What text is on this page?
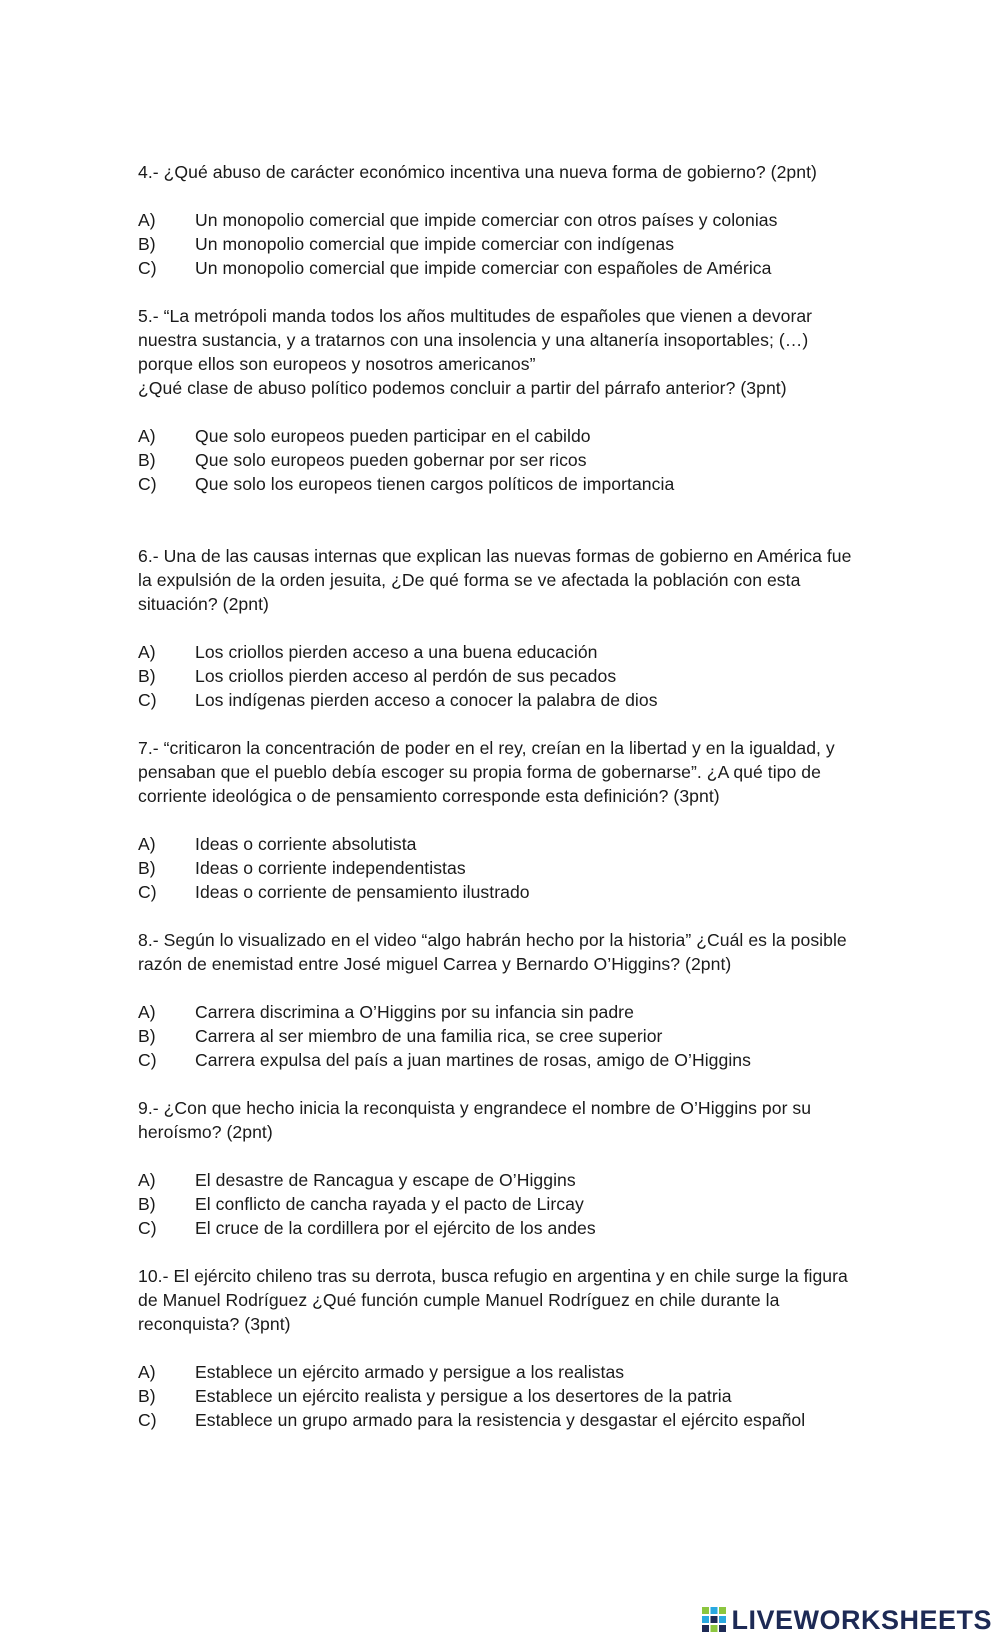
4.- ¿Qué abuso de carácter económico incentiva una nueva forma de gobierno? (2pnt)

A)	Un monopolio comercial que impide comerciar con otros países y colonias
B)	Un monopolio comercial que impide comerciar con indígenas
C)	Un monopolio comercial que impide comerciar con españoles de América

5.- “La metrópoli manda todos los años multitudes de españoles que vienen a devorar

nuestra sustancia, y a tratarnos con una insolencia y una altanería insoportables; (…)

porque ellos son europeos y nosotros americanos”

¿Qué clase de abuso político podemos concluir a partir del párrafo anterior? (3pnt)

A)	Que solo europeos pueden participar en el cabildo
B)	Que solo europeos pueden gobernar por ser ricos
C)	Que solo los europeos tienen cargos políticos de importancia

6.- Una de las causas internas que explican las nuevas formas de gobierno en América fue

la expulsión de la orden jesuita, ¿De qué forma se ve afectada la población con esta

situación? (2pnt)

A)	Los criollos pierden acceso a una buena educación
B)	Los criollos pierden acceso al perdón de sus pecados
C)	Los indígenas pierden acceso a conocer la palabra de dios

7.- “criticaron la concentración de poder en el rey, creían en la libertad y en la igualdad, y

pensaban que el pueblo debía escoger su propia forma de gobernarse”. ¿A qué tipo de

corriente ideológica o de pensamiento corresponde esta definición? (3pnt)

A)	Ideas o corriente absolutista
B)	Ideas o corriente independentistas
C)	Ideas o corriente de pensamiento ilustrado

8.- Según lo visualizado en el video “algo habrán hecho por la historia” ¿Cuál es la posible

razón de enemistad entre José miguel Carrea y Bernardo O’Higgins? (2pnt)

A)	Carrera discrimina a O’Higgins por su infancia sin padre
B)	Carrera al ser miembro de una familia rica, se cree superior
C)	Carrera expulsa del país a juan martines de rosas, amigo de O’Higgins

9.- ¿Con que hecho inicia la reconquista y engrandece el nombre de O’Higgins por su

heroísmo? (2pnt)

A)	El desastre de Rancagua y escape de O’Higgins
B)	El conflicto de cancha rayada y el pacto de Lircay
C)	El cruce de la cordillera por el ejército de los andes

10.- El ejército chileno tras su derrota, busca refugio en argentina y en chile surge la figura

de Manuel Rodríguez ¿Qué función cumple Manuel Rodríguez en chile durante la

reconquista? (3pnt)

A)	Establece un ejército armado y persigue a los realistas
B)	Establece un ejército realista y persigue a los desertores de la patria
C)	Establece un grupo armado para la resistencia y desgastar el ejército español
LIVEWORKSHEETS
